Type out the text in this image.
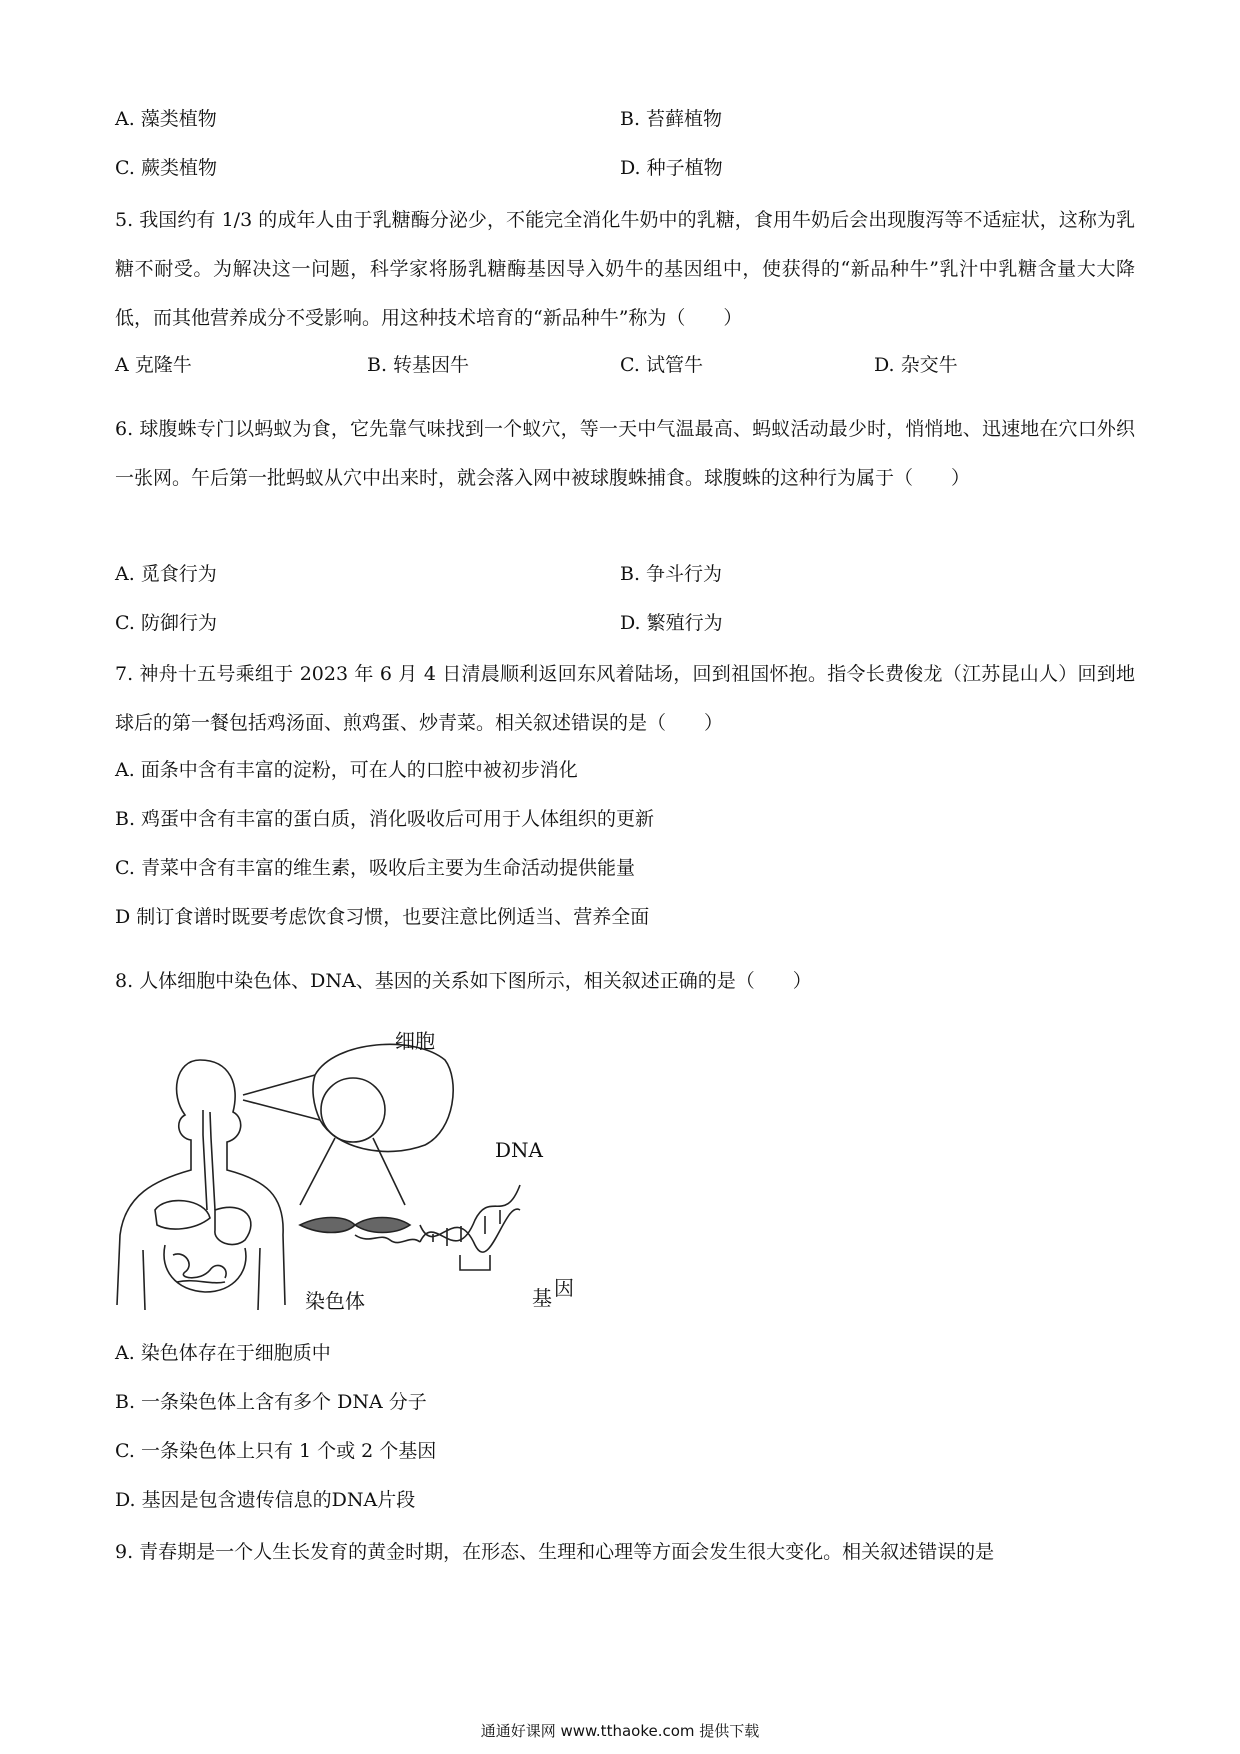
A. 藻类植物	B. 苔藓植物
C. 蕨类植物	D. 种子植物
5. 我国约有 1/3 的成年人由于乳糖酶分泌少，不能完全消化牛奶中的乳糖，食用牛奶后会出现腹泻等不适症状，这称为乳糖不耐受。为解决这一问题，科学家将肠乳糖酶基因导入奶牛的基因组中，使获得的“新品种牛”乳汁中乳糖含量大大降低，而其他营养成分不受影响。用这种技术培育的“新品种牛”称为（　　）
A 克隆牛	B. 转基因牛	C. 试管牛	D. 杂交牛
6. 球腹蛛专门以蚂蚁为食，它先靠气味找到一个蚁穴，等一天中气温最高、蚂蚁活动最少时，悄悄地、迅速地在穴口外织一张网。午后第一批蚂蚁从穴中出来时，就会落入网中被球腹蛛捕食。球腹蛛的这种行为属于（　　）
A. 觅食行为	B. 争斗行为
C. 防御行为	D. 繁殖行为
7. 神舟十五号乘组于 2023 年 6 月 4 日清晨顺利返回东风着陆场，回到祖国怀抱。指令长费俊龙（江苏昆山人）回到地球后的第一餐包括鸡汤面、煎鸡蛋、炒青菜。相关叙述错误的是（　　）
A. 面条中含有丰富的淀粉，可在人的口腔中被初步消化
B. 鸡蛋中含有丰富的蛋白质，消化吸收后可用于人体组织的更新
C. 青菜中含有丰富的维生素，吸收后主要为生命活动提供能量
D 制订食谱时既要考虑饮食习惯，也要注意比例适当、营养全面
8. 人体细胞中染色体、DNA、基因的关系如下图所示，相关叙述正确的是（　　）
细胞
DNA
染色体	基 因
A. 染色体存在于细胞质中
B. 一条染色体上含有多个 DNA 分子
C. 一条染色体上只有 1 个或 2 个基因
D. 基因是包含遗传信息的DNA片段
9. 青春期是一个人生长发育的黄金时期，在形态、生理和心理等方面会发生很大变化。相关叙述错误的是
通通好课网 www.tthaoke.com 提供下载
